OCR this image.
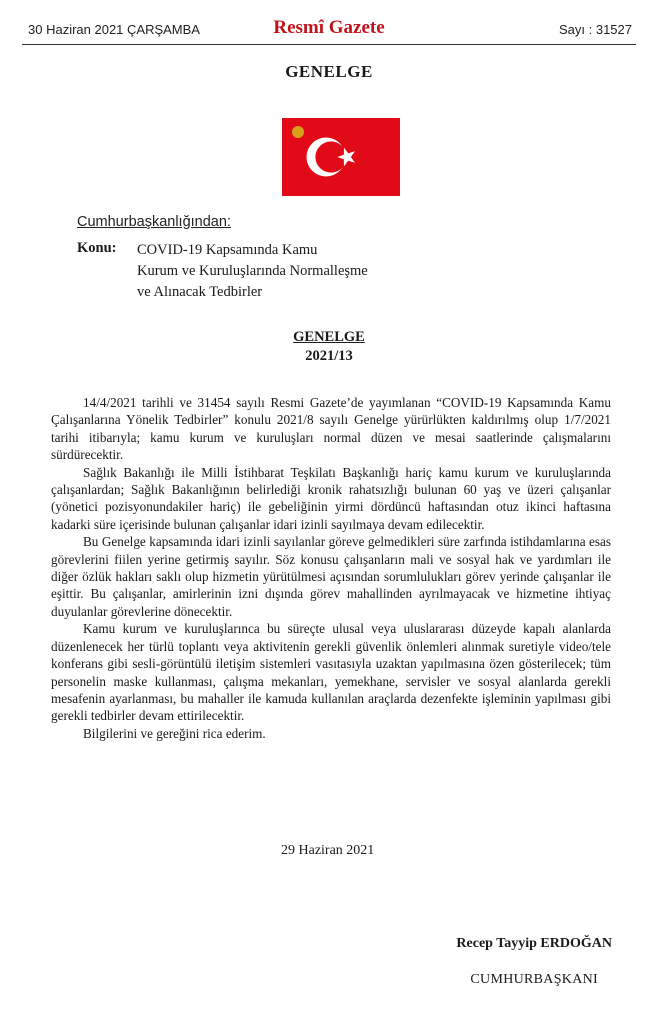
30 Haziran 2021 ÇARŞAMBA	Resmî Gazete	Sayı : 31527
GENELGE
Cumhurbaşkanlığından:
Konu: COVID-19 Kapsamında Kamu
Kurum ve Kuruluşlarında Normalleşme
ve Alınacak Tedbirler
GENELGE
2021/13

14/4/2021 tarihli ve 31454 sayılı Resmi Gazete’de yayımlanan “COVID-19 Kapsamında Kamu Çalışanlarına Yönelik Tedbirler” konulu 2021/8 sayılı Genelge yürürlükten kaldırılmış olup 1/7/2021 tarihi itibarıyla; kamu kurum ve kuruluşları normal düzen ve mesai saatlerinde çalışmalarını sürdürecektir.

Sağlık Bakanlığı ile Milli İstihbarat Teşkilatı Başkanlığı hariç kamu kurum ve kuruluşlarında çalışanlardan; Sağlık Bakanlığının belirlediği kronik rahatsızlığı bulunan 60 yaş ve üzeri çalışanlar (yönetici pozisyonundakiler hariç) ile gebeliğinin yirmi dördüncü haftasından otuz ikinci haftasına kadarki süre içerisinde bulunan çalışanlar idari izinli sayılmaya devam edilecektir.

Bu Genelge kapsamında idari izinli sayılanlar göreve gelmedikleri süre zarfında istihdamlarına esas görevlerini fiilen yerine getirmiş sayılır. Söz konusu çalışanların mali ve sosyal hak ve yardımları ile diğer özlük hakları saklı olup hizmetin yürütülmesi açısından sorumlulukları görev yerinde çalışanlar ile eşittir. Bu çalışanlar, amirlerinin izni dışında görev mahallinden ayrılmayacak ve hizmetine ihtiyaç duyulanlar görevlerine dönecektir.

Kamu kurum ve kuruluşlarınca bu süreçte ulusal veya uluslararası düzeyde kapalı alanlarda düzenlenecek her türlü toplantı veya aktivitenin gerekli güvenlik önlemleri alınmak suretiyle video/tele konferans gibi sesli-görüntülü iletişim sistemleri vasıtasıyla uzaktan yapılmasına özen gösterilecek; tüm personelin maske kullanması, çalışma mekanları, yemekhane, servisler ve sosyal alanlarda gerekli mesafenin ayarlanması, bu mahaller ile kamuda kullanılan araçlarda dezenfekte işleminin yapılması gibi gerekli tedbirler devam ettirilecektir.

Bilgilerini ve gereğini rica ederim.

29 Haziran 2021
Recep Tayyip ERDOĞAN
CUMHURBAŞKANI
